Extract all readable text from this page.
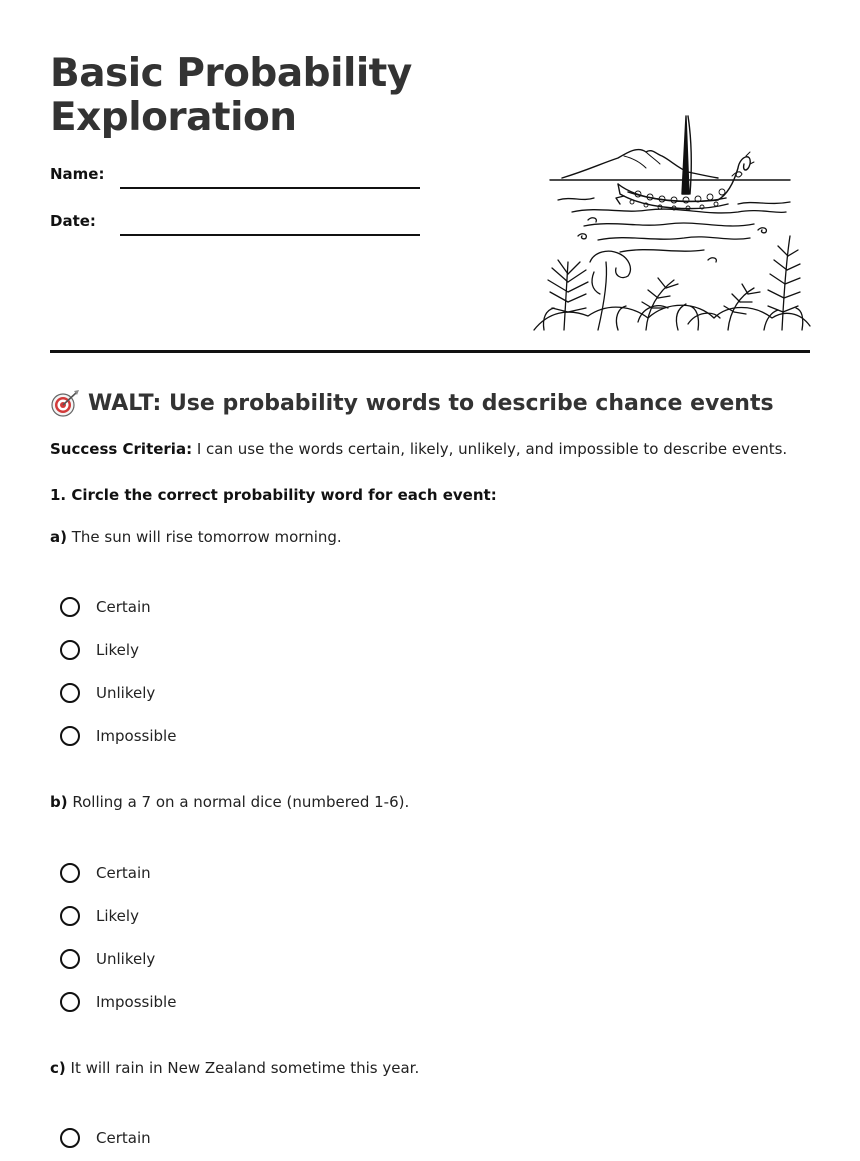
Basic Probability
Exploration
Name:
Date:
WALT: Use probability words to describe chance events

Success Criteria: I can use the words certain, likely, unlikely, and impossible to describe events.

1. Circle the correct probability word for each event:

a) The sun will rise tomorrow morning.

Certain
Likely
Unlikely
Impossible

b) Rolling a 7 on a normal dice (numbered 1-6).

Certain
Likely
Unlikely
Impossible

c) It will rain in New Zealand sometime this year.

Certain
